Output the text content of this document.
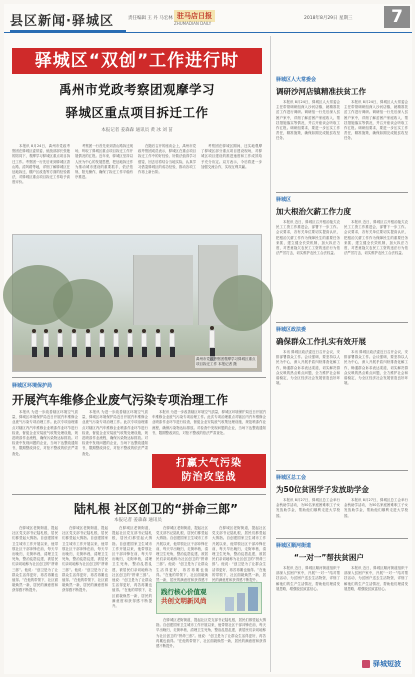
县区新闻·驿城区	责任编辑 王 丹 马宏林 驻马店日报
ZHUMADIAN DAILY
2018年8月29日 星期三	7
驿城区“双创”工作进行时
禹州市党政考察团观摩学习
驿城区重点项目拆迁工作
本报记者 姜森森 通讯员 黄 冰 刘 苗

本报讯 8月24日，禹州市党政考察团在驿城区委常委、统战部部长张艳的陪同下，观摩学习驿城区重点项目拆迁工作。考察团一行先后来到驿城区香山路、清风路等地，详细了解驿城区在征地拆迁、棚户区改造等方面的经验做法，对驿城区重点项目拆迁工作给予高度评价。

考察团一行首先来到香山路拆迁现场，听取了驿城区重点项目拆迁工作开展情况的汇报。近年来，驿城区坚持以人民为中心的发展思想，把征地拆迁作为推动城市建设的重要抓手，依法依规、阳光操作，确保了拆迁工作平稳有序推进。

在随后召开的座谈会上，禹州市党政考察团成员表示，驿城区在重点项目拆迁工作中的好经验、好做法值得学习借鉴，回去后将结合当地实际，认真学习借鉴驿城区的成功经验，推动各项工作再上新台阶。

考察团在驿城区期间，还实地观摩了驿城区部分重点项目建设现场，对驿城区项目建设的推进速度和工作成效给予充分肯定。双方表示，今后将进一步加强交流合作，实现互利共赢。

禹州市党政考察团观摩学习驿城区重点项目拆迁工作 本报记者 摄
驿城区环境保护局
开展汽车维修企业废气污染专项治理工作

本报讯 为进一步改善辖区环境空气质量，驿城区环境保护局近日开展汽车维修企业废气污染专项治理工作。此次专项治理重点对辖区内汽车维修企业喷漆作业环节进行检查，督促企业安装废气收集处理设施，规范喷漆作业流程，确保污染物达标排放。对检查中发现问题的企业，当场下达整改通知书，限期整改到位，对拒不整改的依法严肃查处。

本报讯 为进一步改善辖区环境空气质量，驿城区环境保护局近日开展汽车维修企业废气污染专项治理工作。此次专项治理重点对辖区内汽车维修企业喷漆作业环节进行检查，督促企业安装废气收集处理设施，规范喷漆作业流程，确保污染物达标排放。对检查中发现问题的企业，当场下达整改通知书，限期整改到位，对拒不整改的依法严肃查处。

本报讯 为进一步改善辖区环境空气质量，驿城区环境保护局近日开展汽车维修企业废气污染专项治理工作。此次专项治理重点对辖区内汽车维修企业喷漆作业环节进行检查，督促企业安装废气收集处理设施，规范喷漆作业流程，确保污染物达标排放。对检查中发现问题的企业，当场下达整改通知书，限期整改到位，对拒不整改的依法严肃查处。

打赢大气污染
防治攻坚战
陆札根 社区创卫的“拼命三郎”
本报记者 姜森森 通讯员

在驿城区老街街道，提起社区党支部书记陆札根，居民们都竖起大拇指。自创建国家卫生城市工作开展以来，他带领社区干部冲锋在前，每天早出晚归，走街串巷，清理卫生死角，整治乱搭乱建，被居民们亲切地称为社区创卫的“拼命三郎”。他说：“创卫是为了让群众生活得更好，再苦再累也值得。”在他的带领下，社区面貌焕然一新，居民的满意度和获得感不断提升。

在驿城区老街街道，提起社区党支部书记陆札根，居民们都竖起大拇指。自创建国家卫生城市工作开展以来，他带领社区干部冲锋在前，每天早出晚归，走街串巷，清理卫生死角，整治乱搭乱建，被居民们亲切地称为社区创卫的“拼命三郎”。他说：“创卫是为了让群众生活得更好，再苦再累也值得。”在他的带领下，社区面貌焕然一新，居民的满意度和获得感不断提升。

在驿城区老街街道，提起社区党支部书记陆札根，居民们都竖起大拇指。自创建国家卫生城市工作开展以来，他带领社区干部冲锋在前，每天早出晚归，走街串巷，清理卫生死角，整治乱搭乱建，被居民们亲切地称为社区创卫的“拼命三郎”。他说：“创卫是为了让群众生活得更好，再苦再累也值得。”在他的带领下，社区面貌焕然一新，居民的满意度和获得感不断提升。

在驿城区老街街道，提起社区党支部书记陆札根，居民们都竖起大拇指。自创建国家卫生城市工作开展以来，他带领社区干部冲锋在前，每天早出晚归，走街串巷，清理卫生死角，整治乱搭乱建，被居民们亲切地称为社区创卫的“拼命三郎”。他说：“创卫是为了让群众生活得更好，再苦再累也值得。”在他的带领下，社区面貌焕然一新，居民的满意度和获得感不

在驿城区老街街道，提起社区党支部书记陆札根，居民们都竖起大拇指。自创建国家卫生城市工作开展以来，他带领社区干部冲锋在前，每天早出晚归，走街串巷，清理卫生死角，整治乱搭乱建，被居民们亲切地称为社区创卫的“拼命三郎”。他说：“创卫是为了让群众生活得更好，再苦再累也值得。”在他的带领下，社区面貌焕然一新，居民的满意度和获得感不断提升。

践行核心价值观
共创文明新风尚

在驿城区老街街道，提起社区党支部书记陆札根，居民们都竖起大拇指。自创建国家卫生城市工作开展以来，他带领社区干部冲锋在前，每天早出晚归，走街串巷，清理卫生死角，整治乱搭乱建，被居民们亲切地称为社区创卫的“拼命三郎”。他说：“创卫是为了让群众生活得更好，再苦再累也值得。”在他的带领下，社区面貌焕然一新，居民的满意度和获得感不断提升。

驿城区人大常委会
调研沙河店镇精准扶贫工作

本报讯 8月24日，驿城区人大常委会主任带领调研组深入沙河店镇，就精准扶贫工作进行调研。调研组一行先后深入贫困户家中，详细了解贫困户家庭收入、帮扶措施落实等情况，并召开座谈会听取工作汇报。调研组要求，要进一步压实工作责任，精准施策，确保如期完成脱贫攻坚任务。

本报讯 8月24日，驿城区人大常委会主任带领调研组深入沙河店镇，就精准扶贫工作进行调研。调研组一行先后深入贫困户家中，详细了解贫困户家庭收入、帮扶措施落实等情况，并召开座谈会听取工作汇报。调研组要求，要进一步压实工作责任，精准施策，确保如期完成脱贫攻坚任务。

驿城区
加大根治欠薪工作力度

本报讯 近日，驿城区召开根治拖欠农民工工资工作推进会，部署下一步工作。会议要求，各有关单位要切实提高认识，把根治欠薪工作作为保障民生的重要任务来抓，建立健全长效机制，加大执法力度，对恶意拖欠农民工工资的违法行为依法严厉打击，切实维护农民工合法权益。

本报讯 近日，驿城区召开根治拖欠农民工工资工作推进会，部署下一步工作。会议要求，各有关单位要切实提高认识，把根治欠薪工作作为保障民生的重要任务来抓，建立健全长效机制，加大执法力度，对恶意拖欠农民工工资的违法行为依法严厉打击，切实维护农民工合法权益。

驿城区政法委
确保群众工作扎实有效开展

本讯 驿城区政法委近日召开会议，安排部署群众工作。会议强调，要坚持以人民为中心，深入开展矛盾纠纷排查化解工作，畅通群众诉求表达渠道，切实解决群众反映的热点难点问题，全力维护社会和谐稳定，为全区经济社会发展营造良好环境。

本讯 驿城区政法委近日召开会议，安排部署群众工作。会议强调，要坚持以人民为中心，深入开展矛盾纠纷排查化解工作，畅通群众诉求表达渠道，切实解决群众反映的热点难点问题，全力维护社会和谐稳定，为全区经济社会发展营造良好环境。

驿城区总工会
为50位贫困学子发放助学金

本报讯 8月27日，驿城区总工会举行金秋助学活动，为50名家庭困难职工子女发放助学金，帮助他们顺利走进大学校园。

本报讯 8月27日，驿城区总工会举行金秋助学活动，为50名家庭困难职工子女发放助学金，帮助他们顺利走进大学校园。

驿城区顺河街道
“一对一”帮扶贫困户

本报讯 近日，驿城区顺河街道组织干部深入贫困户家中，开展“一对一”结对帮扶活动，为贫困户送去生活物资，详细了解他们的生产生活情况，帮助他们理清发展思路，增强脱贫致富信心。

本报讯 近日，驿城区顺河街道组织干部深入贫困户家中，开展“一对一”结对帮扶活动，为贫困户送去生活物资，详细了解他们的生产生活情况，帮助他们理清发展思路，增强脱贫致富信心。

驿城短波
